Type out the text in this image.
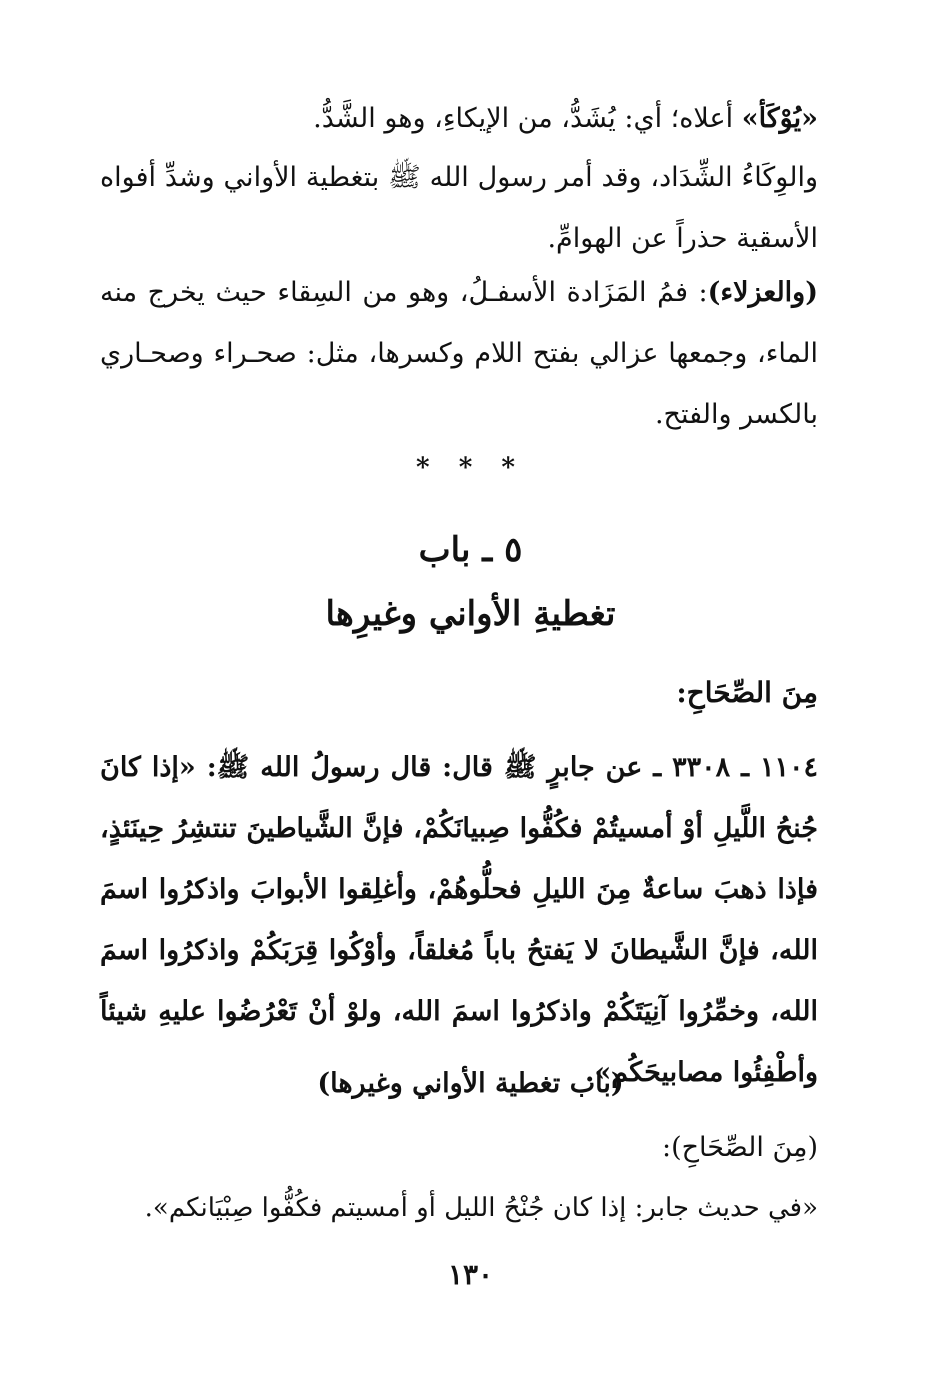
«يُوْكَأ» أعلاه؛ أي: يُشَدُّ، من الإيكاءِ، وهو الشَّدُّ.

والوِكَاءُ الشِّدَاد، وقد أمر رسول الله ﷺ بتغطية الأواني وشدِّ أفواه الأسقية حذراً عن الهوامِّ.

(والعزلاء): فمُ المَزَادة الأسفـلُ، وهو من السِقاء حيث يخرج منه الماء، وجمعها عزالي بفتح اللام وكسرها، مثل: صحـراء وصحـاري بالكسر والفتح.

* * *

٥ ـ باب

تغطيةِ الأواني وغيرِها

مِنَ الصِّحَاحِ:

١١٠٤ ـ ٣٣٠٨ ـ عن جابرٍ ﷺ قال: قال رسولُ الله ﷺ: «إذا كانَ جُنحُ اللَّيلِ أوْ أمسيتُمْ فكُفُّوا صِبيانَكُمْ، فإنَّ الشَّياطينَ تنتشِرُ حِينَئذٍ، فإذا ذهبَ ساعةٌ مِنَ الليلِ فحلُّوهُمْ، وأغلِقوا الأبوابَ واذكرُوا اسمَ الله، فإنَّ الشَّيطانَ لا يَفتحُ باباً مُغلقاً، وأوْكُوا قِرَبَكُمْ واذكرُوا اسمَ الله، وخمِّرُوا آنِيَتَكُمْ واذكرُوا اسمَ الله، ولوْ أنْ تَعْرُضُوا عليهِ شيئاً وأطْفِئُوا مصابيحَكُم».

(باب تغطية الأواني وغيرها)

(مِنَ الصِّحَاحِ):

«في حديث جابر: إذا كان جُنْحُ الليل أو أمسيتم فكُفُّوا صِبْيَانكم».

١٣٠
